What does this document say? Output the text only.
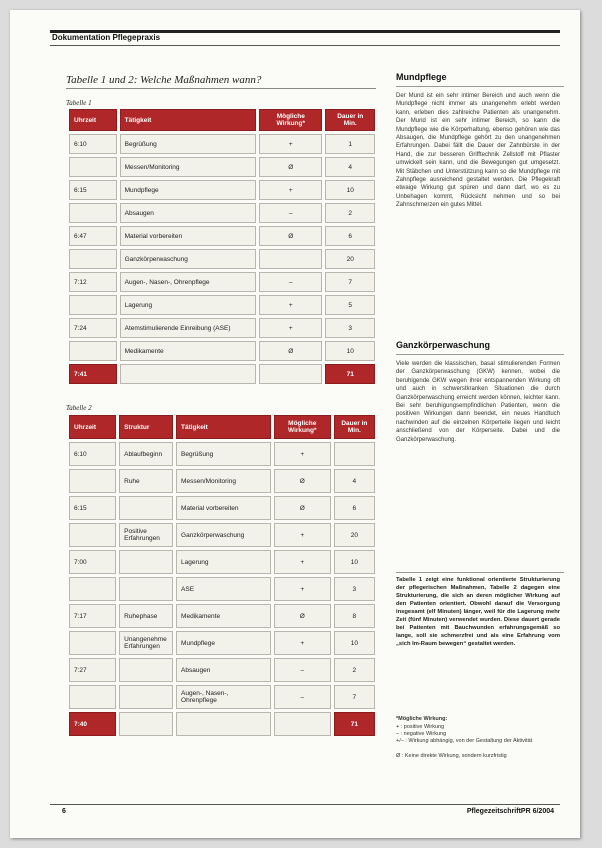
Dokumentation Pflegepraxis
Tabelle 1 und 2: Welche Maßnahmen wann?
Tabelle 1
Uhrzeit	Tätigkeit	Mögliche Wirkung*	Dauer in Min.
6:10	Begrüßung	+	1
	Messen/Monitoring	Ø	4
6:15	Mundpflege	+	10
	Absaugen	–	2
6:47	Material vorbereiten	Ø	6
	Ganzkörperwaschung		20
7:12	Augen-, Nasen-, Ohrenpflege	–	7
	Lagerung	+	5
7:24	Atemstimulierende Einreibung (ASE)	+	3
	Medikamente	Ø	10
7:41			71
Tabelle 2
Uhrzeit	Struktur	Tätigkeit	Mögliche Wirkung*	Dauer in Min.
6:10	Ablaufbeginn	Begrüßung	+	
	Ruhe	Messen/Monitoring	Ø	4
6:15		Material vorbereiten	Ø	6
	Positive Erfahrungen	Ganzkörperwaschung	+	20
7:00		Lagerung	+	10
		ASE	+	3
7:17	Ruhephase	Medikamente	Ø	8
	Unangenehme Erfahrungen	Mundpflege	+	10
7:27		Absaugen	–	2
		Augen-, Nasen-, Ohrenpflege	–	7
7:40				71
Mundpflege
Der Mund ist ein sehr intimer Bereich und auch wenn die Mundpflege nicht immer als unangenehm erlebt werden kann, erleben dies zahlreiche Patienten als unangenehm. Der Mund ist ein sehr intimer Bereich, so kann die Mundpflege wie die Körperhaltung, ebenso gehören wie das Absaugen, die Mundpflege gehört zu den unangenehmen Erfahrungen. Dabei fällt die Dauer der Zahnbürste in der Hand, die zur besseren Grifftechnik Zellstoff mit Pflaster umwickelt sein kann, und die Bewegungen gut umgesetzt. Mit Stäbchen und Unterstützung kann so die Mundpflege mit Zahnpflege ausreichend gestaltet werden. Die Pflegekraft etwaige Wirkung gut spüren und dann darf, wo es zu Unbehagen kommt, Rücksicht nehmen und so bei Zahnschmerzen ein gutes Mittel.
Ganzkörperwaschung
Viele werden die klassischen, basal stimulierenden Formen der Ganzkörperwaschung (GKW) kennen, wobei die beruhigende GKW wegen ihrer entspannenden Wirkung oft und auch in schwerstkranken Situationen die durch Ganzkörperwaschung erreicht werden können, leichter kann. Bei sehr beruhigungsempfindlichen Patienten, wenn die positiven Wirkungen dann beendet, ein neues Handtuch nachwinden auf die einzelnen Körperteile liegen und leicht anschließend von der Körperseite. Dabei und die Ganzkörperwaschung.
Tabelle 1 zeigt eine funktional orientierte Strukturierung der pflegerischen Maßnahmen, Tabelle 2 dagegen eine Strukturierung, die sich an deren möglicher Wirkung auf den Patienten orientiert. Obwohl darauf die Versorgung insgesamt (elf Minuten) länger, weil für die Lagerung mehr Zeit (fünf Minuten) verwendet wurden. Diese dauert gerade bei Patienten mit Bauchwunden erfahrungsgemäß so lange, soll sie schmerzfrei und als eine Erfahrung vom „sich Im-Raum bewegen“ gestaltet werden.
*Mögliche Wirkung:
+ : positive Wirkung
– : negative Wirkung
+/– : Wirkung abhängig, von der Gestaltung der Aktivität
Ø : Keine direkte Wirkung, sondern kurzfristig
6	PflegezeitschriftPR 6/2004
